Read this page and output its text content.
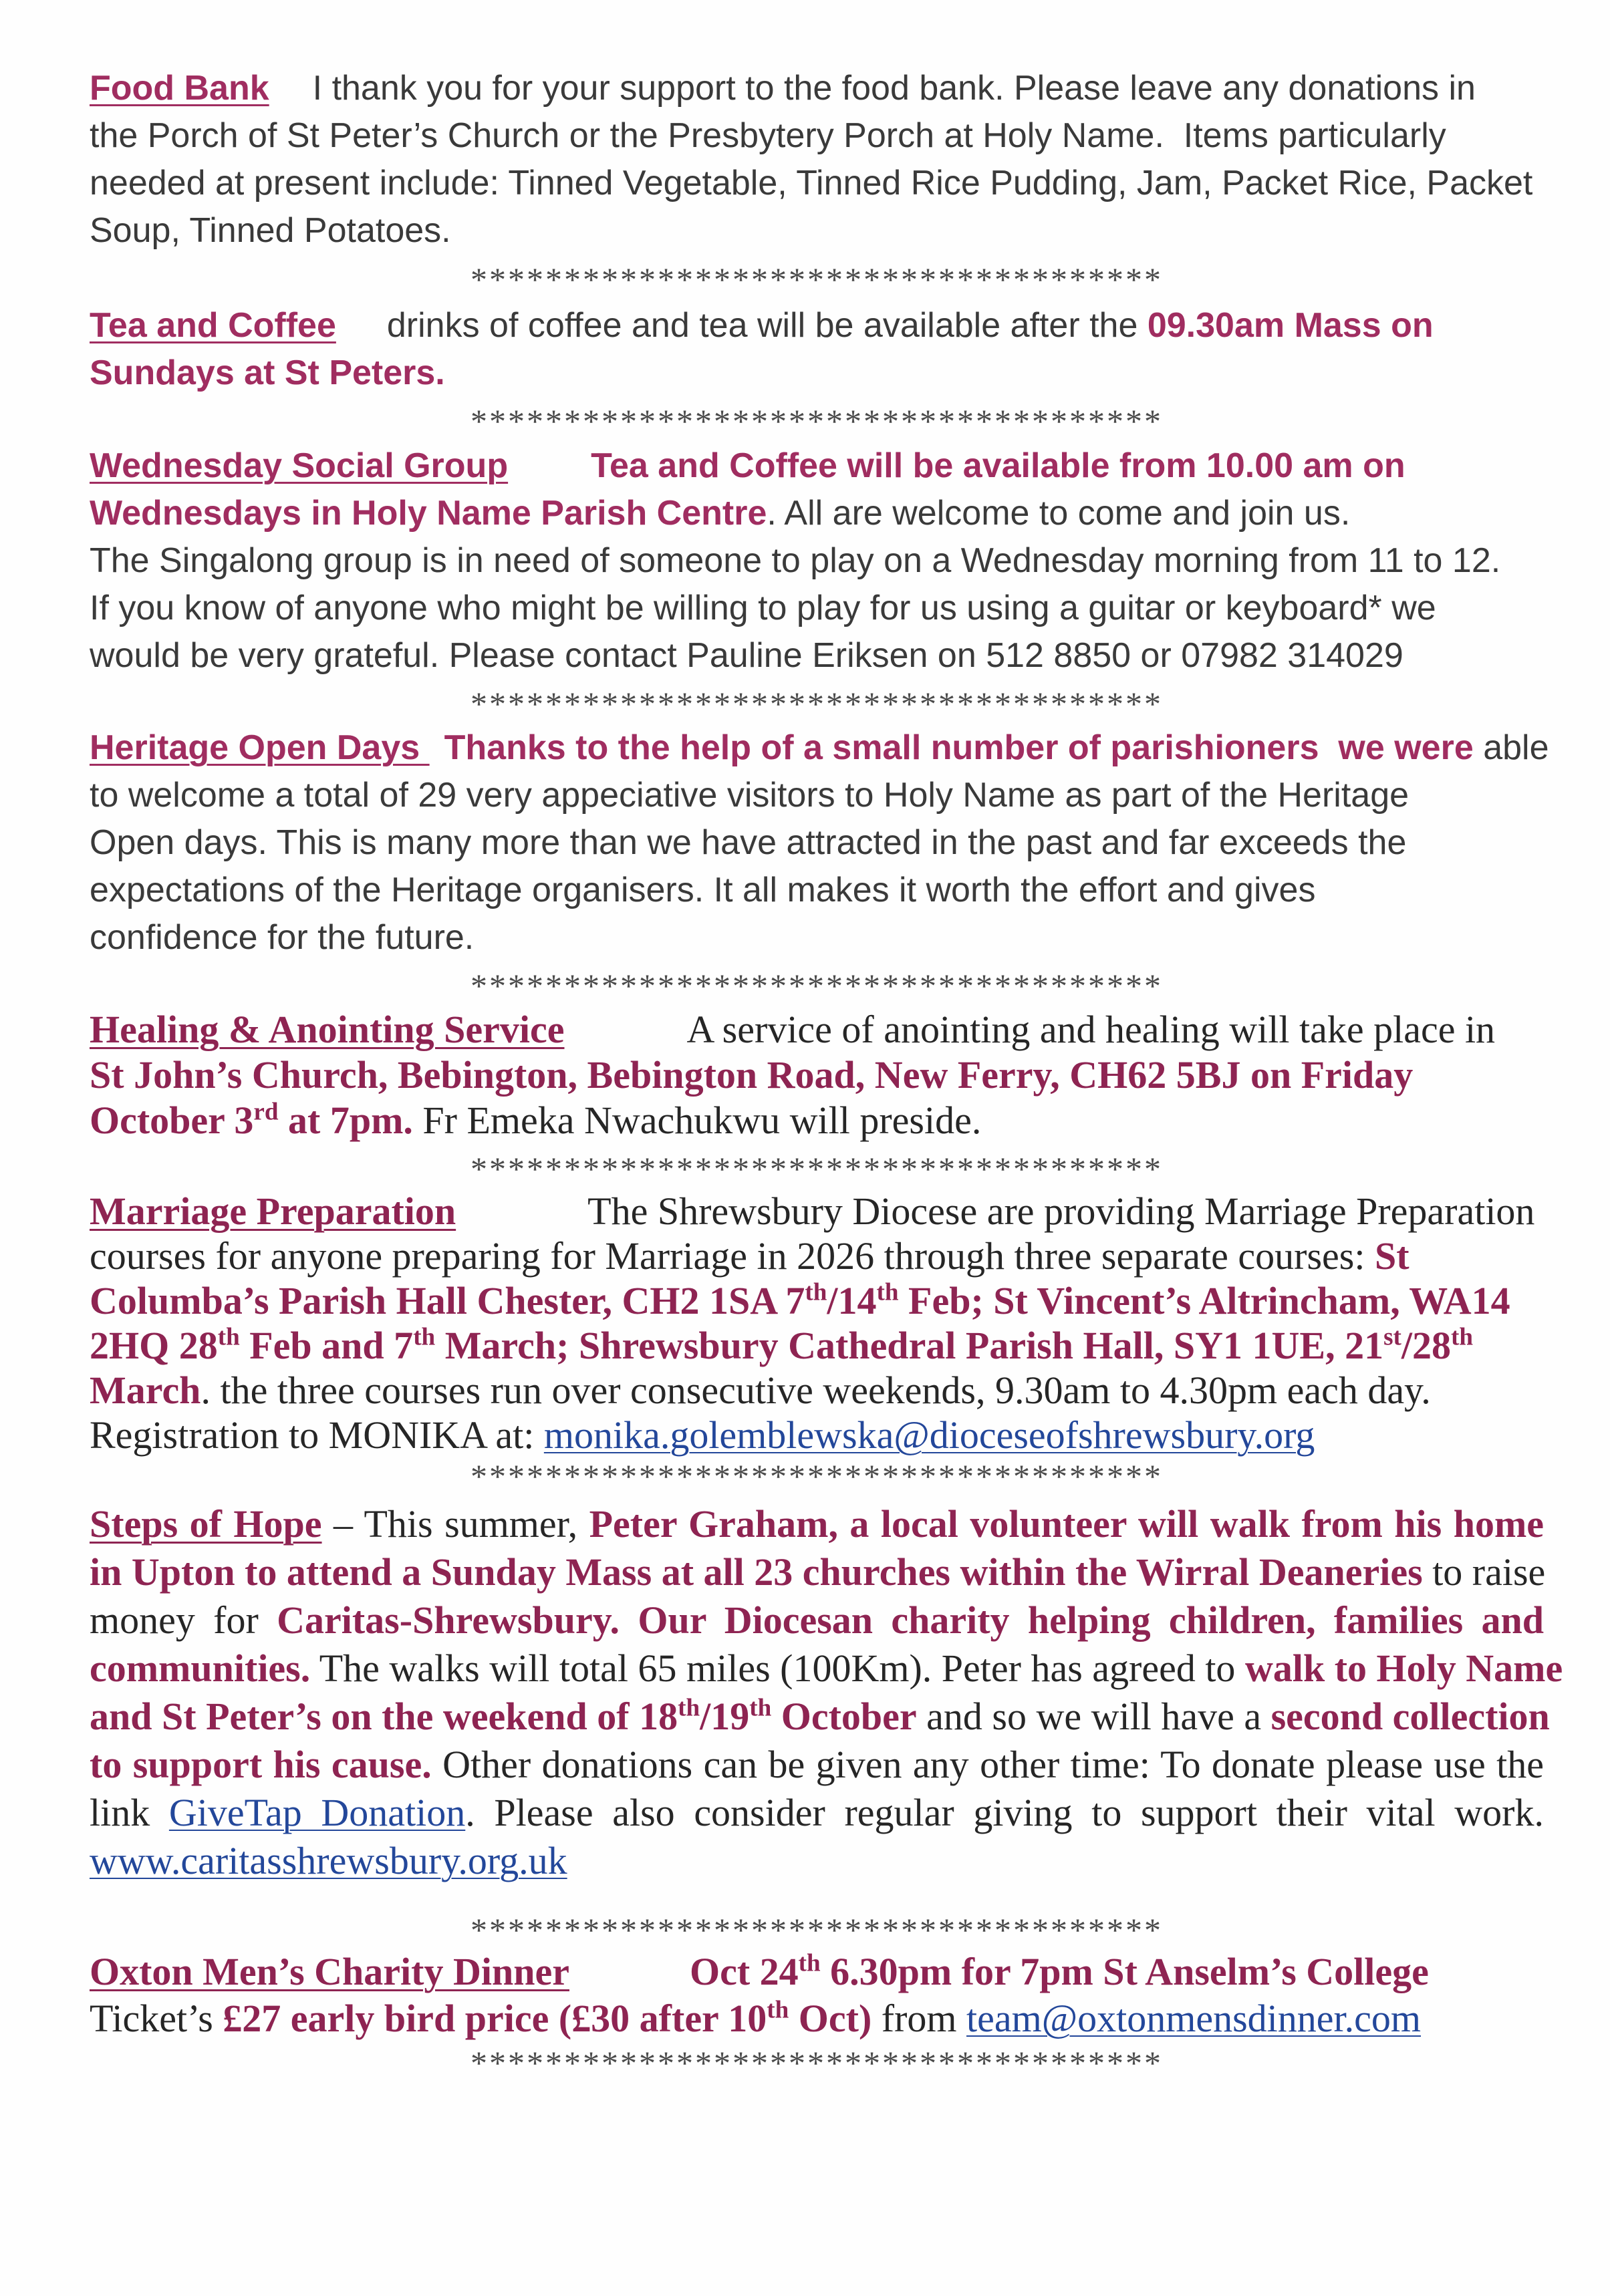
Food Bank I thank you for your support to the food bank. Please leave any donations in
the Porch of St Peter’s Church or the Presbytery Porch at Holy Name.  Items particularly
needed at present include: Tinned Vegetable, Tinned Rice Pudding, Jam, Packet Rice, Packet
Soup, Tinned Potatoes.
*************************************
Tea and Coffee drinks of coffee and tea will be available after the 09.30am Mass on
Sundays at St Peters.
*************************************
Wednesday Social Group Tea and Coffee will be available from 10.00 am on
Wednesdays in Holy Name Parish Centre. All are welcome to come and join us.
The Singalong group is in need of someone to play on a Wednesday morning from 11 to 12.
If you know of anyone who might be willing to play for us using a guitar or keyboard* we
would be very grateful. Please contact Pauline Eriksen on 512 8850 or 07982 314029
*************************************
Heritage Open Days Thanks to the help of a small number of parishioners  we were able
to welcome a total of 29 very appeciative visitors to Holy Name as part of the Heritage
Open days. This is many more than we have attracted in the past and far exceeds the
expectations of the Heritage organisers. It all makes it worth the effort and gives
confidence for the future.
*************************************
Healing & Anointing Service	A service of anointing and healing will take place in
St John’s Church, Bebington, Bebington Road, New Ferry, CH62 5BJ on Friday
October 3rd at 7pm. Fr Emeka Nwachukwu will preside.
*************************************
Marriage Preparation	The Shrewsbury Diocese are providing Marriage Preparation
courses for anyone preparing for Marriage in 2026 through three separate courses: St
Columba’s Parish Hall Chester, CH2 1SA 7th/14th Feb; St Vincent’s Altrincham, WA14
2HQ 28th Feb and 7th March; Shrewsbury Cathedral Parish Hall, SY1 1UE, 21st/28th
March. the three courses run over consecutive weekends, 9.30am to 4.30pm each day.
Registration to MONIKA at: monika.golemblewska@dioceseofshrewsbury.org
*************************************
Steps of Hope – This summer, Peter Graham, a local volunteer will walk from his home
in Upton to attend a Sunday Mass at all 23 churches within the Wirral Deaneries to raise
money for Caritas-Shrewsbury. Our Diocesan charity helping children, families and
communities. The walks will total 65 miles (100Km). Peter has agreed to walk to Holy Name
and St Peter’s on the weekend of 18th/19th October and so we will have a second collection
to support his cause. Other donations can be given any other time: To donate please use the
link GiveTap Donation. Please also consider regular giving to support their vital work.
www.caritasshrewsbury.org.uk
*************************************
Oxton Men’s Charity Dinner	Oct 24th 6.30pm for 7pm St Anselm’s College
Ticket’s £27 early bird price (£30 after 10th Oct) from team@oxtonmensdinner.com
*************************************
